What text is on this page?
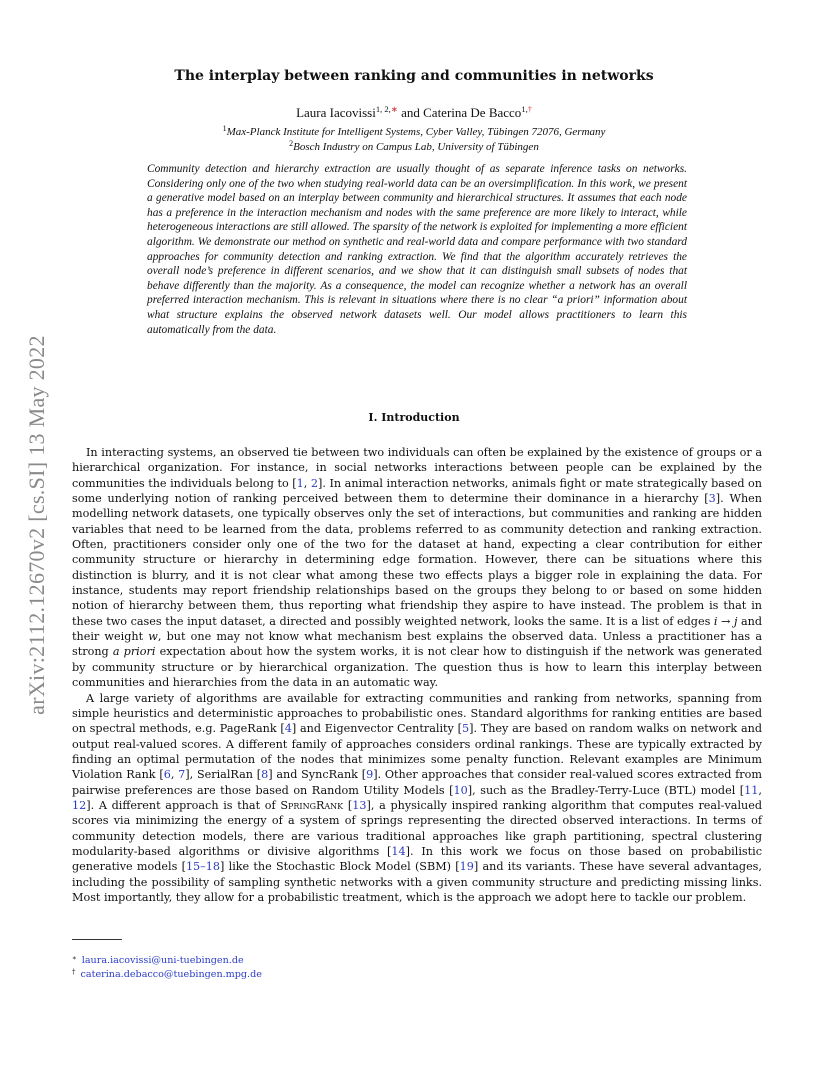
arXiv:2112.12670v2 [cs.SI] 13 May 2022
The interplay between ranking and communities in networks
Laura Iacovissi$^{1, 2,∗}$ and Caterina De Bacco$^{1,\dagger}$
$^1$Max-Planck Institute for Intelligent Systems, Cyber Valley, Tübingen 72076, Germany
$^2$Bosch Industry on Campus Lab, University of Tübingen
Community detection and hierarchy extraction are usually thought of as separate inference tasks on networks. Considering only one of the two when studying real-world data can be an oversimplification. In this work, we present a generative model based on an interplay between community and hierarchical structures. It assumes that each node has a preference in the interaction mechanism and nodes with the same preference are more likely to interact, while heterogeneous interactions are still allowed. The sparsity of the network is exploited for implementing a more efficient algorithm. We demonstrate our method on synthetic and real-world data and compare performance with two standard approaches for community detection and ranking extraction. We find that the algorithm accurately retrieves the overall node’s preference in different scenarios, and we show that it can distinguish small subsets of nodes that behave differently than the majority. As a consequence, the model can recognize whether a network has an overall preferred interaction mechanism. This is relevant in situations where there is no clear “a priori” information about what structure explains the observed network datasets well. Our model allows practitioners to learn this automatically from the data.
I. Introduction

In interacting systems, an observed tie between two individuals can often be explained by the existence of groups or a hierarchical organization. For instance, in social networks interactions between people can be explained by the communities the individuals belong to [1, 2]. In animal interaction networks, animals fight or mate strategically based on some underlying notion of ranking perceived between them to determine their dominance in a hierarchy [3]. When modelling network datasets, one typically observes only the set of interactions, but communities and ranking are hidden variables that need to be learned from the data, problems referred to as community detection and ranking extraction. Often, practitioners consider only one of the two for the dataset at hand, expecting a clear contribution for either community structure or hierarchy in determining edge formation. However, there can be situations where this distinction is blurry, and it is not clear what among these two effects plays a bigger role in explaining the data. For instance, students may report friendship relationships based on the groups they belong to or based on some hidden notion of hierarchy between them, thus reporting what friendship they aspire to have instead. The problem is that in these two cases the input dataset, a directed and possibly weighted network, looks the same. It is a list of edges i → j and their weight w, but one may not know what mechanism best explains the observed data. Unless a practitioner has a strong a priori expectation about how the system works, it is not clear how to distinguish if the network was generated by community structure or by hierarchical organization. The question thus is how to learn this interplay between communities and hierarchies from the data in an automatic way.

A large variety of algorithms are available for extracting communities and ranking from networks, spanning from simple heuristics and deterministic approaches to probabilistic ones. Standard algorithms for ranking entities are based on spectral methods, e.g. PageRank [4] and Eigenvector Centrality [5]. They are based on random walks on network and output real-valued scores. A different family of approaches considers ordinal rankings. These are typically extracted by finding an optimal permutation of the nodes that minimizes some penalty function. Relevant examples are Minimum Violation Rank [6, 7], SerialRan [8] and SyncRank [9]. Other approaches that consider real-valued scores extracted from pairwise preferences are those based on Random Utility Models [10], such as the Bradley-Terry-Luce (BTL) model [11, 12]. A different approach is that of SpringRank [13], a physically inspired ranking algorithm that computes real-valued scores via minimizing the energy of a system of springs representing the directed observed interactions. In terms of community detection models, there are various traditional approaches like graph partitioning, spectral clustering modularity-based algorithms or divisive algorithms [14]. In this work we focus on those based on probabilistic generative models [15–18] like the Stochastic Block Model (SBM) [19] and its variants. These have several advantages, including the possibility of sampling synthetic networks with a given community structure and predicting missing links. Most importantly, they allow for a probabilistic treatment, which is the approach we adopt here to tackle our problem.

∗ laura.iacovissi@uni-tuebingen.de
† caterina.debacco@tuebingen.mpg.de
